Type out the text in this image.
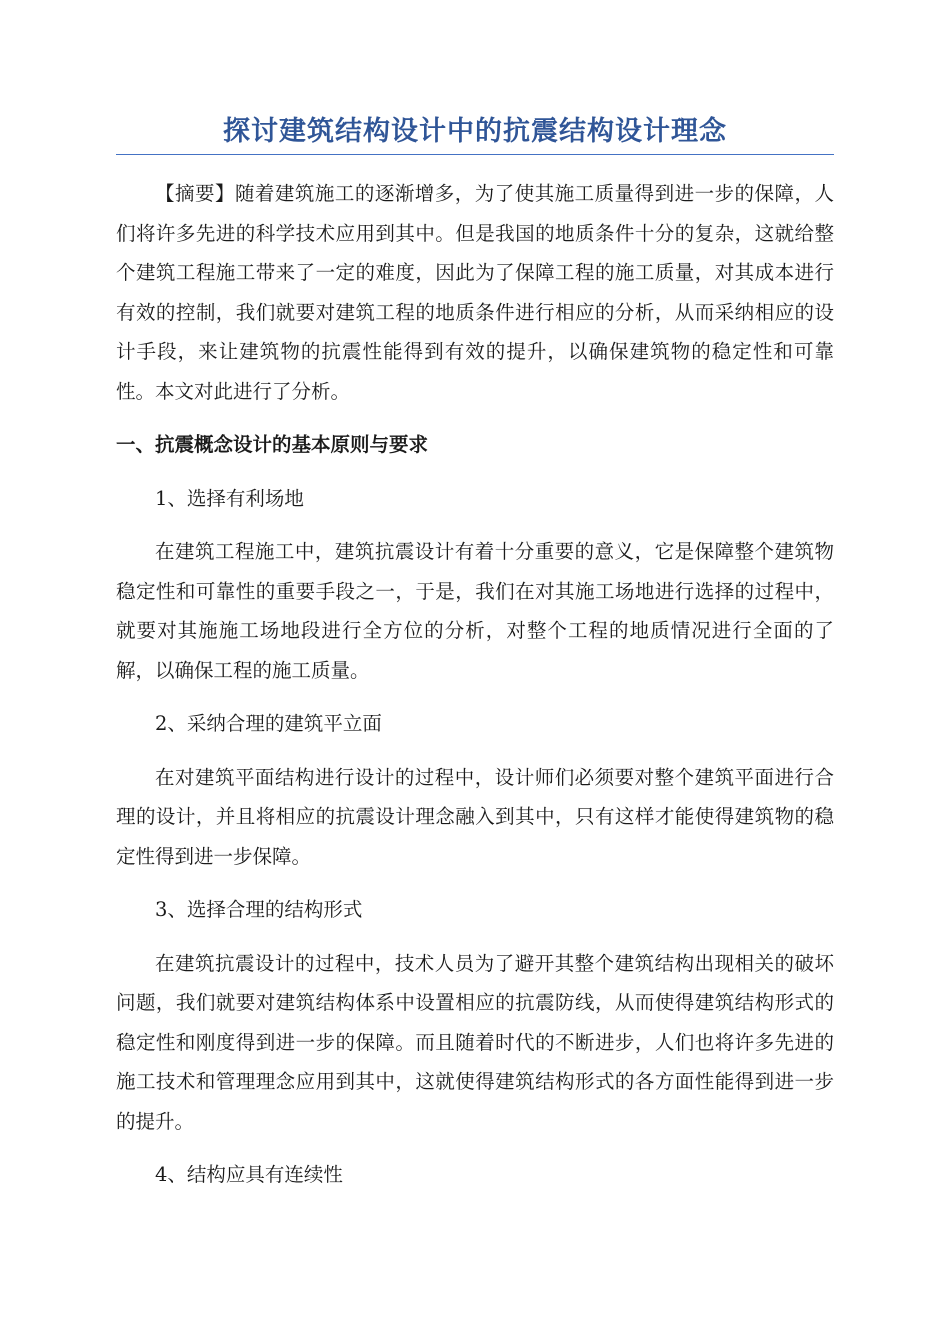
探讨建筑结构设计中的抗震结构设计理念

【摘要】随着建筑施工的逐渐增多，为了使其施工质量得到进一步的保障，人们将许多先进的科学技术应用到其中。但是我国的地质条件十分的复杂，这就给整个建筑工程施工带来了一定的难度，因此为了保障工程的施工质量，对其成本进行有效的控制，我们就要对建筑工程的地质条件进行相应的分析，从而采纳相应的设计手段，来让建筑物的抗震性能得到有效的提升，以确保建筑物的稳定性和可靠性。本文对此进行了分析。

一、抗震概念设计的基本原则与要求

1、选择有利场地

在建筑工程施工中，建筑抗震设计有着十分重要的意义，它是保障整个建筑物稳定性和可靠性的重要手段之一，于是，我们在对其施工场地进行选择的过程中，就要对其施施工场地段进行全方位的分析，对整个工程的地质情况进行全面的了解，以确保工程的施工质量。

2、采纳合理的建筑平立面

在对建筑平面结构进行设计的过程中，设计师们必须要对整个建筑平面进行合理的设计，并且将相应的抗震设计理念融入到其中，只有这样才能使得建筑物的稳定性得到进一步保障。

3、选择合理的结构形式

在建筑抗震设计的过程中，技术人员为了避开其整个建筑结构出现相关的破坏问题，我们就要对建筑结构体系中设置相应的抗震防线，从而使得建筑结构形式的稳定性和刚度得到进一步的保障。而且随着时代的不断进步，人们也将许多先进的施工技术和管理理念应用到其中，这就使得建筑结构形式的各方面性能得到进一步的提升。

4、结构应具有连续性
